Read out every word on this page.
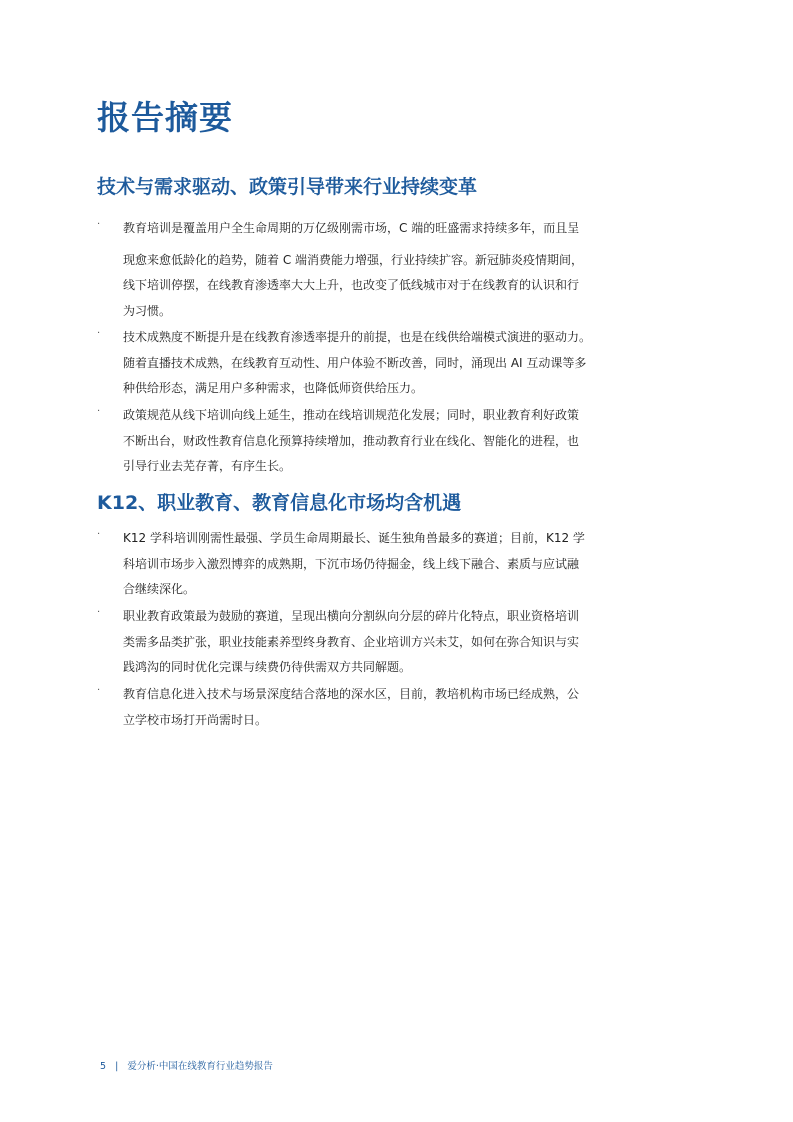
报告摘要
技术与需求驱动、政策引导带来行业持续变革
· 教育培训是覆盖用户全生命周期的万亿级刚需市场，C 端的旺盛需求持续多年，而且呈
现愈来愈低龄化的趋势，随着 C 端消费能力增强，行业持续扩容。新冠肺炎疫情期间，
线下培训停摆，在线教育渗透率大大上升，也改变了低线城市对于在线教育的认识和行
为习惯。

· 技术成熟度不断提升是在线教育渗透率提升的前提，也是在线供给端模式演进的驱动力。
随着直播技术成熟，在线教育互动性、用户体验不断改善，同时，涌现出 AI 互动课等多
种供给形态，满足用户多种需求，也降低师资供给压力。

· 政策规范从线下培训向线上延生，推动在线培训规范化发展；同时，职业教育利好政策
不断出台，财政性教育信息化预算持续增加，推动教育行业在线化、智能化的进程，也
引导行业去芜存菁，有序生长。

K12、职业教育、教育信息化市场均含机遇
· K12 学科培训刚需性最强、学员生命周期最长、诞生独角兽最多的赛道；目前，K12 学
科培训市场步入激烈博弈的成熟期，下沉市场仍待掘金，线上线下融合、素质与应试融
合继续深化。

· 职业教育政策最为鼓励的赛道，呈现出横向分割纵向分层的碎片化特点，职业资格培训
类需多品类扩张，职业技能素养型终身教育、企业培训方兴未艾，如何在弥合知识与实
践鸿沟的同时优化完课与续费仍待供需双方共同解题。

· 教育信息化进入技术与场景深度结合落地的深水区，目前，教培机构市场已经成熟，公
立学校市场打开尚需时日。

5 | 爱分析·中国在线教育行业趋势报告
